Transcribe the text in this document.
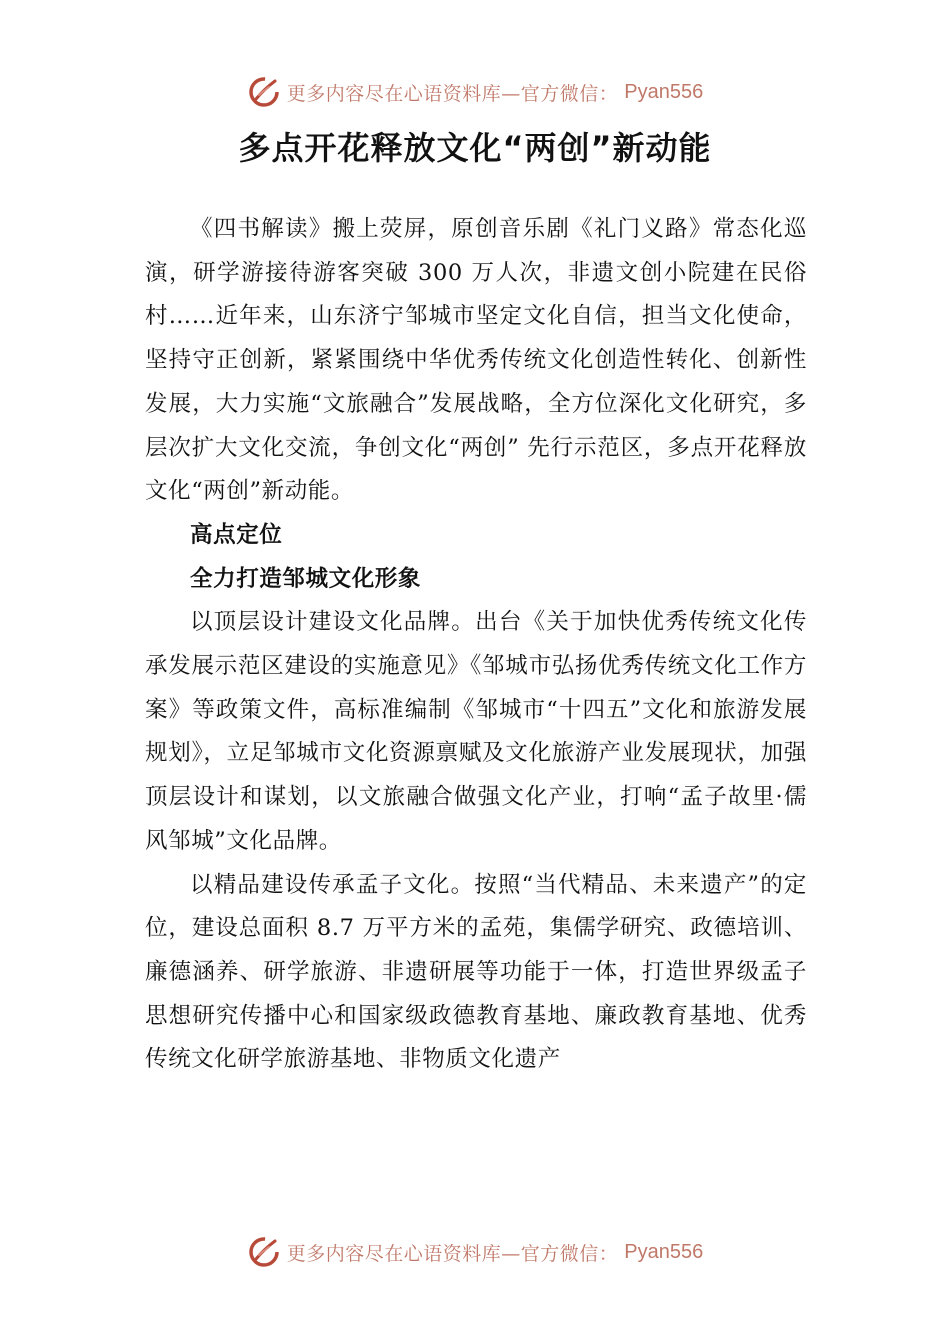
更多内容尽在心语资料库—官方微信： Pyan556
多点开花释放文化“两创”新动能

《四书解读》搬上荧屏，原创音乐剧《礼门义路》常态化巡演，研学游接待游客突破 300 万人次，非遗文创小院建在民俗村……近年来，山东济宁邹城市坚定文化自信，担当文化使命，坚持守正创新，紧紧围绕中华优秀传统文化创造性转化、创新性发展，大力实施“文旅融合”发展战略，全方位深化文化研究，多层次扩大文化交流，争创文化“两创” 先行示范区，多点开花释放文化“两创”新动能。

高点定位

全力打造邹城文化形象

以顶层设计建设文化品牌。出台《关于加快优秀传统文化传承发展示范区建设的实施意见》《邹城市弘扬优秀传统文化工作方案》等政策文件，高标准编制《邹城市“十四五”文化和旅游发展规划》，立足邹城市文化资源禀赋及文化旅游产业发展现状，加强顶层设计和谋划，以文旅融合做强文化产业，打响“孟子故里·儒风邹城”文化品牌。

以精品建设传承孟子文化。按照“当代精品、未来遗产”的定位，建设总面积 8.7 万平方米的孟苑，集儒学研究、政德培训、廉德涵养、研学旅游、非遗研展等功能于一体，打造世界级孟子思想研究传播中心和国家级政德教育基地、廉政教育基地、优秀传统文化研学旅游基地、非物质文化遗产

更多内容尽在心语资料库—官方微信： Pyan556
